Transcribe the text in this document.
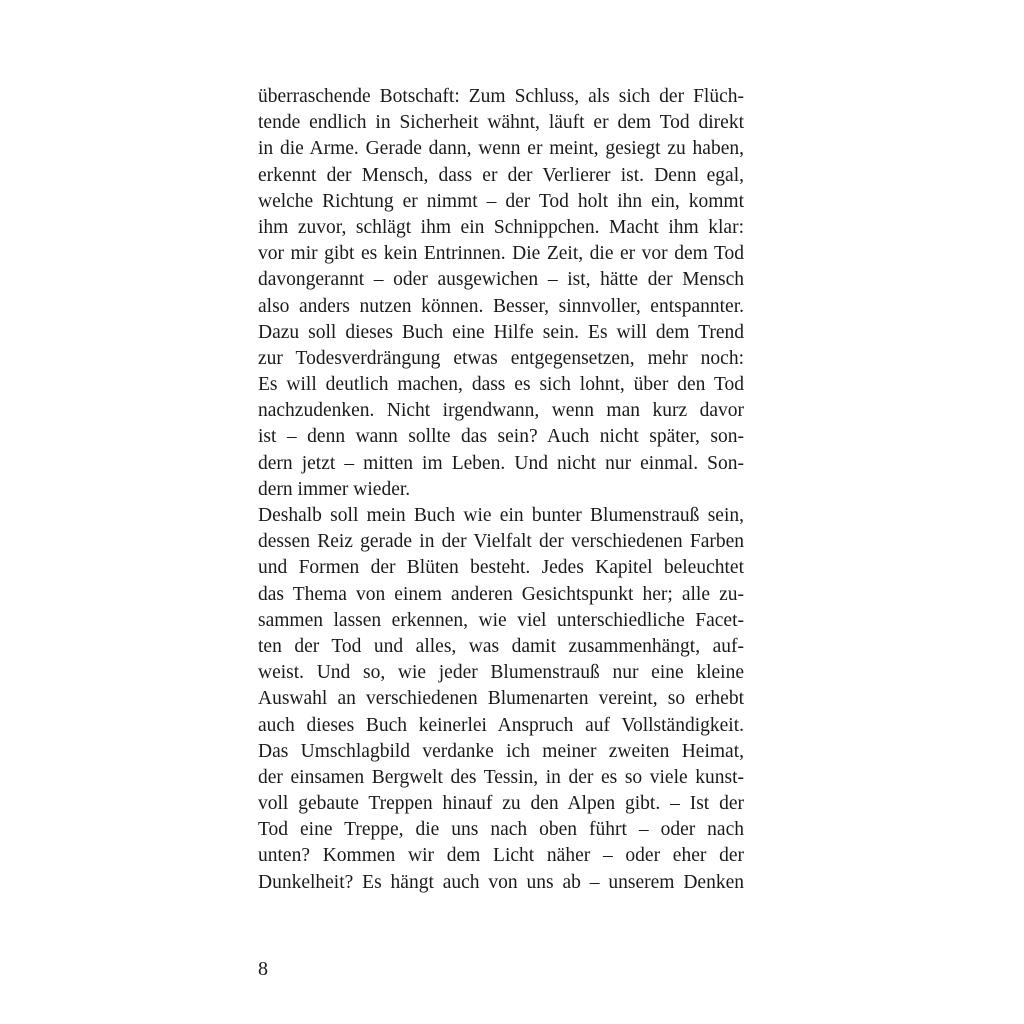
überraschende Botschaft: Zum Schluss, als sich der Flüch-
tende endlich in Sicherheit wähnt, läuft er dem Tod direkt
in die Arme. Gerade dann, wenn er meint, gesiegt zu haben,
erkennt der Mensch, dass er der Verlierer ist. Denn egal,
welche Richtung er nimmt – der Tod holt ihn ein, kommt
ihm zuvor, schlägt ihm ein Schnippchen. Macht ihm klar:
vor mir gibt es kein Entrinnen. Die Zeit, die er vor dem Tod
davongerannt – oder ausgewichen – ist, hätte der Mensch
also anders nutzen können. Besser, sinnvoller, entspannter.
Dazu soll dieses Buch eine Hilfe sein. Es will dem Trend
zur Todesverdrängung etwas entgegensetzen, mehr noch:
Es will deutlich machen, dass es sich lohnt, über den Tod
nachzudenken. Nicht irgendwann, wenn man kurz davor
ist – denn wann sollte das sein? Auch nicht später, son-
dern jetzt – mitten im Leben. Und nicht nur einmal. Son-
dern immer wieder.
Deshalb soll mein Buch wie ein bunter Blumenstrauß sein,
dessen Reiz gerade in der Vielfalt der verschiedenen Farben
und Formen der Blüten besteht. Jedes Kapitel beleuchtet
das Thema von einem anderen Gesichtspunkt her; alle zu-
sammen lassen erkennen, wie viel unterschiedliche Facet-
ten der Tod und alles, was damit zusammenhängt, auf-
weist. Und so, wie jeder Blumenstrauß nur eine kleine
Auswahl an verschiedenen Blumenarten vereint, so erhebt
auch dieses Buch keinerlei Anspruch auf Vollständigkeit.
Das Umschlagbild verdanke ich meiner zweiten Heimat,
der einsamen Bergwelt des Tessin, in der es so viele kunst-
voll gebaute Treppen hinauf zu den Alpen gibt. – Ist der
Tod eine Treppe, die uns nach oben führt – oder nach
unten? Kommen wir dem Licht näher – oder eher der
Dunkelheit? Es hängt auch von uns ab – unserem Denken
8
